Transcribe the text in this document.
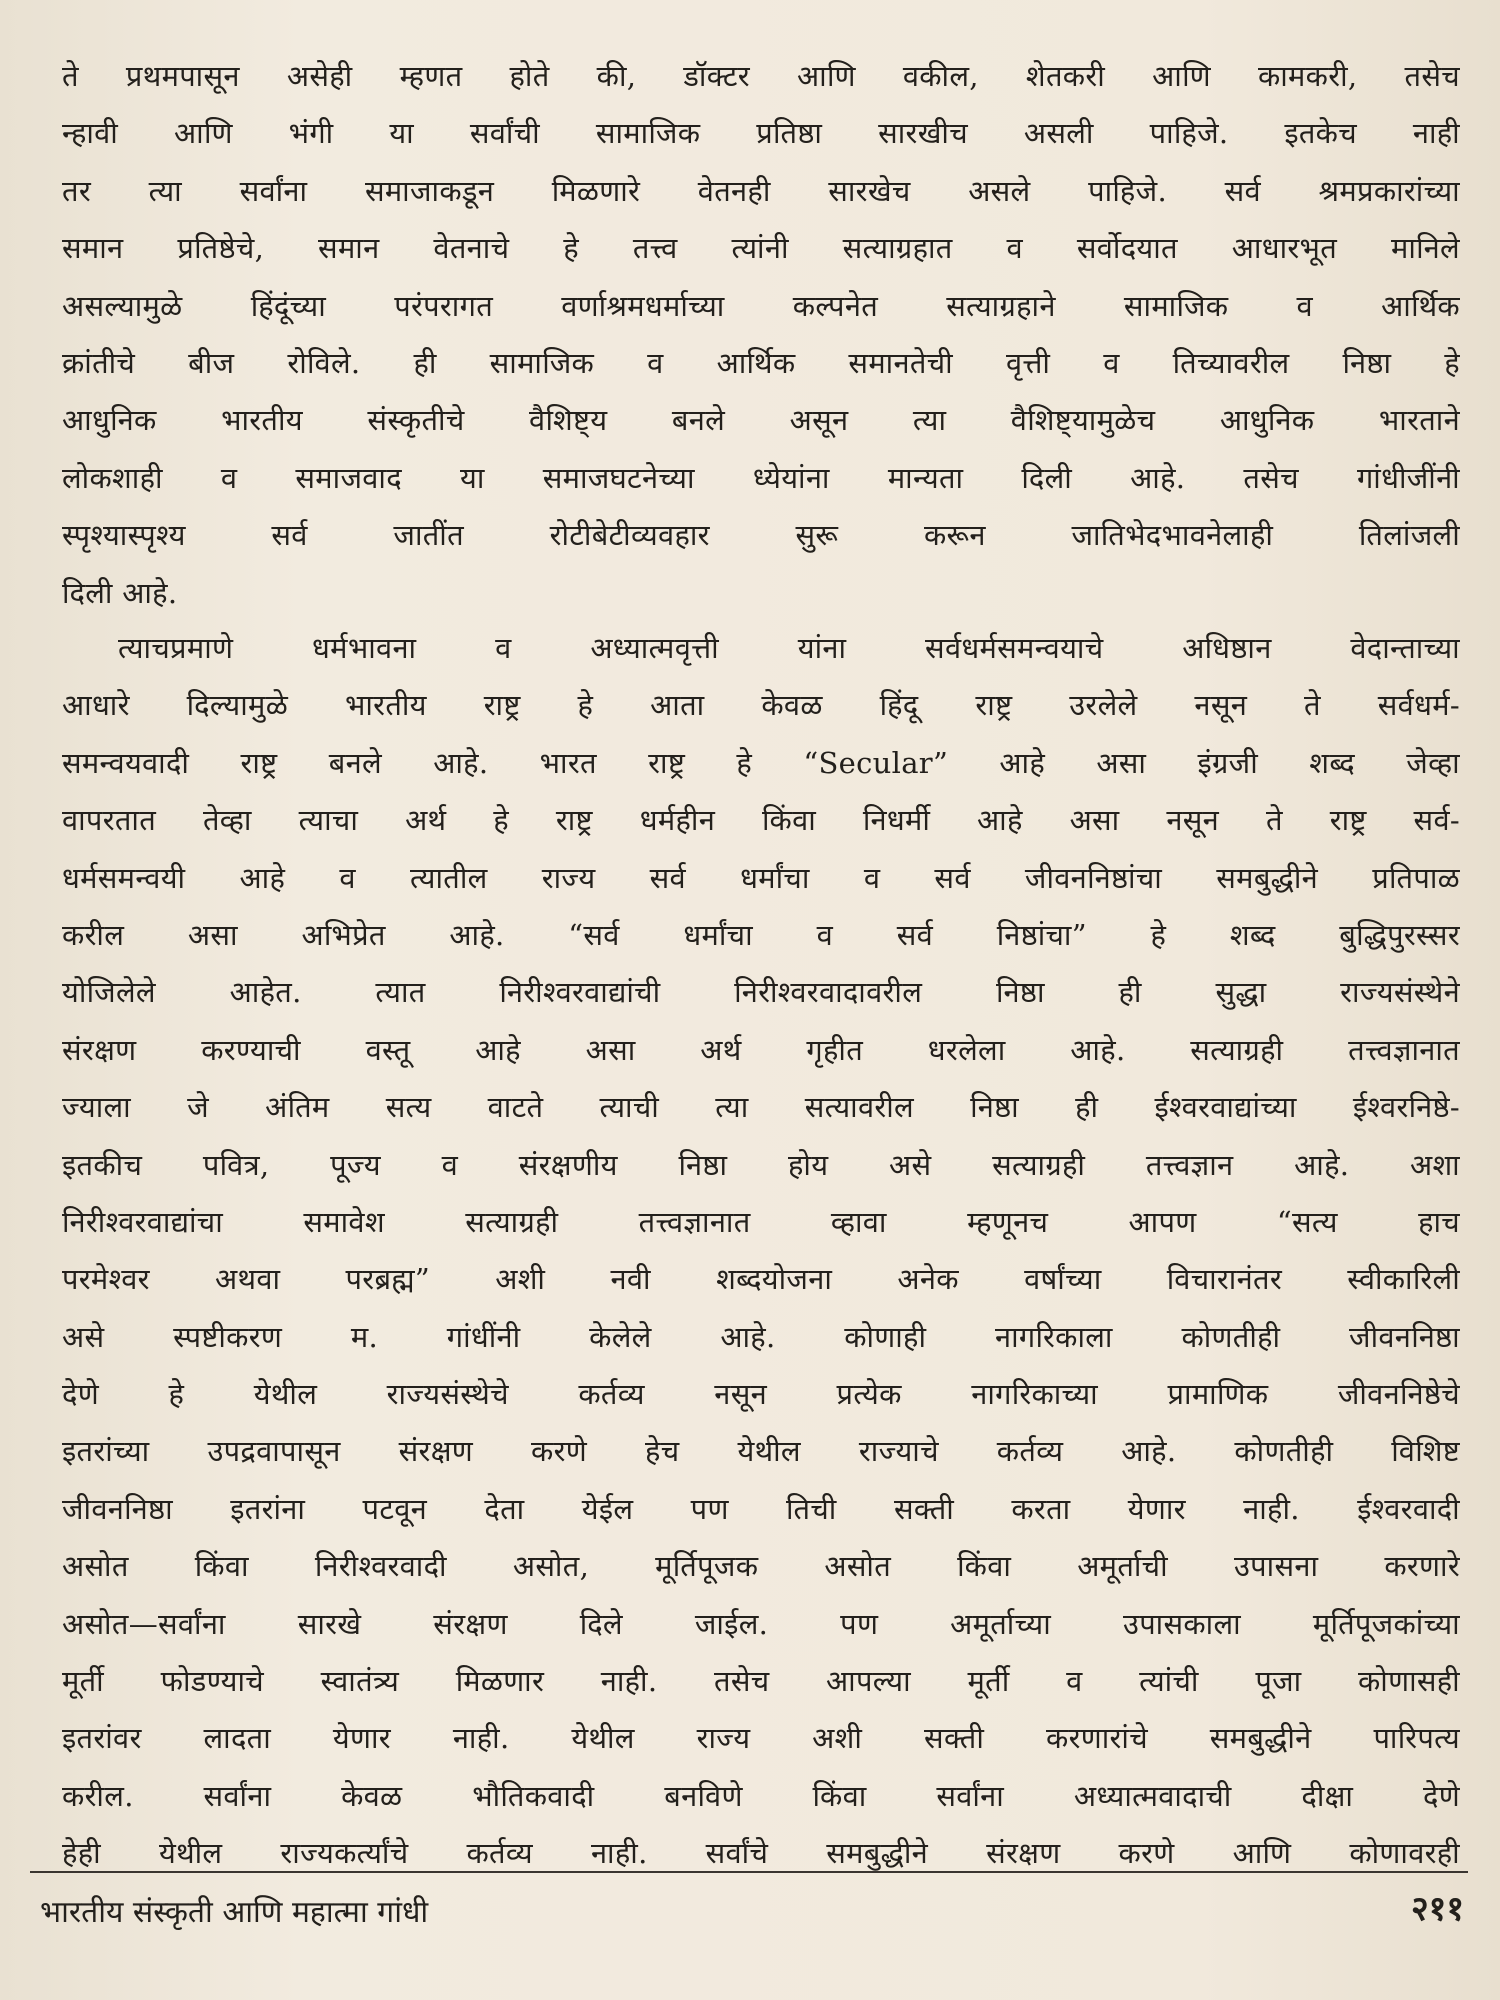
ते प्रथमपासून असेही म्हणत होते की, डॉक्टर आणि वकील, शेतकरी आणि कामकरी, तसेच
न्हावी आणि भंगी या सर्वांची सामाजिक प्रतिष्ठा सारखीच असली पाहिजे. इतकेच नाही
तर त्या सर्वांना समाजाकडून मिळणारे वेतनही सारखेच असले पाहिजे. सर्व श्रमप्रकारांच्या
समान प्रतिष्ठेचे, समान वेतनाचे हे तत्त्व त्यांनी सत्याग्रहात व सर्वोदयात आधारभूत मानिले
असल्यामुळे हिंदूंच्या परंपरागत वर्णाश्रमधर्माच्या कल्पनेत सत्याग्रहाने सामाजिक व आर्थिक
क्रांतीचे बीज रोविले. ही सामाजिक व आर्थिक समानतेची वृत्ती व तिच्यावरील निष्ठा हे
आधुनिक भारतीय संस्कृतीचे वैशिष्ट्य बनले असून त्या वैशिष्ट्यामुळेच आधुनिक भारताने
लोकशाही व समाजवाद या समाजघटनेच्या ध्येयांना मान्यता दिली आहे. तसेच गांधीजींनी
स्पृश्यास्पृश्य सर्व जातींत रोटीबेटीव्यवहार सुरू करून जातिभेदभावनेलाही तिलांजली
दिली आहे.
त्याचप्रमाणे धर्मभावना व अध्यात्मवृत्ती यांना सर्वधर्मसमन्वयाचे अधिष्ठान वेदान्ताच्या
आधारे दिल्यामुळे भारतीय राष्ट्र हे आता केवळ हिंदू राष्ट्र उरलेले नसून ते सर्वधर्म-
समन्वयवादी राष्ट्र बनले आहे. भारत राष्ट्र हे “Secular” आहे असा इंग्रजी शब्द जेव्हा
वापरतात तेव्हा त्याचा अर्थ हे राष्ट्र धर्महीन किंवा निधर्मी आहे असा नसून ते राष्ट्र सर्व-
धर्मसमन्वयी आहे व त्यातील राज्य सर्व धर्मांचा व सर्व जीवननिष्ठांचा समबुद्धीने प्रतिपाळ
करील असा अभिप्रेत आहे. “सर्व धर्मांचा व सर्व निष्ठांचा” हे शब्द बुद्धिपुरस्सर
योजिलेले आहेत. त्यात निरीश्वरवाद्यांची निरीश्वरवादावरील निष्ठा ही सुद्धा राज्यसंस्थेने
संरक्षण करण्याची वस्तू आहे असा अर्थ गृहीत धरलेला आहे. सत्याग्रही तत्त्वज्ञानात
ज्याला जे अंतिम सत्य वाटते त्याची त्या सत्यावरील निष्ठा ही ईश्वरवाद्यांच्या ईश्वरनिष्ठे-
इतकीच पवित्र, पूज्य व संरक्षणीय निष्ठा होय असे सत्याग्रही तत्त्वज्ञान आहे. अशा
निरीश्वरवाद्यांचा समावेश सत्याग्रही तत्त्वज्ञानात व्हावा म्हणूनच आपण “सत्य हाच
परमेश्वर अथवा परब्रह्म” अशी नवी शब्दयोजना अनेक वर्षांच्या विचारानंतर स्वीकारिली
असे स्पष्टीकरण म. गांधींनी केलेले आहे. कोणाही नागरिकाला कोणतीही जीवननिष्ठा
देणे हे येथील राज्यसंस्थेचे कर्तव्य नसून प्रत्येक नागरिकाच्या प्रामाणिक जीवननिष्ठेचे
इतरांच्या उपद्रवापासून संरक्षण करणे हेच येथील राज्याचे कर्तव्य आहे. कोणतीही विशिष्ट
जीवननिष्ठा इतरांना पटवून देता येईल पण तिची सक्ती करता येणार नाही. ईश्वरवादी
असोत किंवा निरीश्वरवादी असोत, मूर्तिपूजक असोत किंवा अमूर्ताची उपासना करणारे
असोत—सर्वांना सारखे संरक्षण दिले जाईल. पण अमूर्ताच्या उपासकाला मूर्तिपूजकांच्या
मूर्ती फोडण्याचे स्वातंत्र्य मिळणार नाही. तसेच आपल्या मूर्ती व त्यांची पूजा कोणासही
इतरांवर लादता येणार नाही. येथील राज्य अशी सक्ती करणारांचे समबुद्धीने पारिपत्य
करील. सर्वांना केवळ भौतिकवादी बनविणे किंवा सर्वांना अध्यात्मवादाची दीक्षा देणे
हेही येथील राज्यकर्त्यांचे कर्तव्य नाही. सर्वांचे समबुद्धीने संरक्षण करणे आणि कोणावरही
भारतीय संस्कृती आणि महात्मा गांधी	२११
